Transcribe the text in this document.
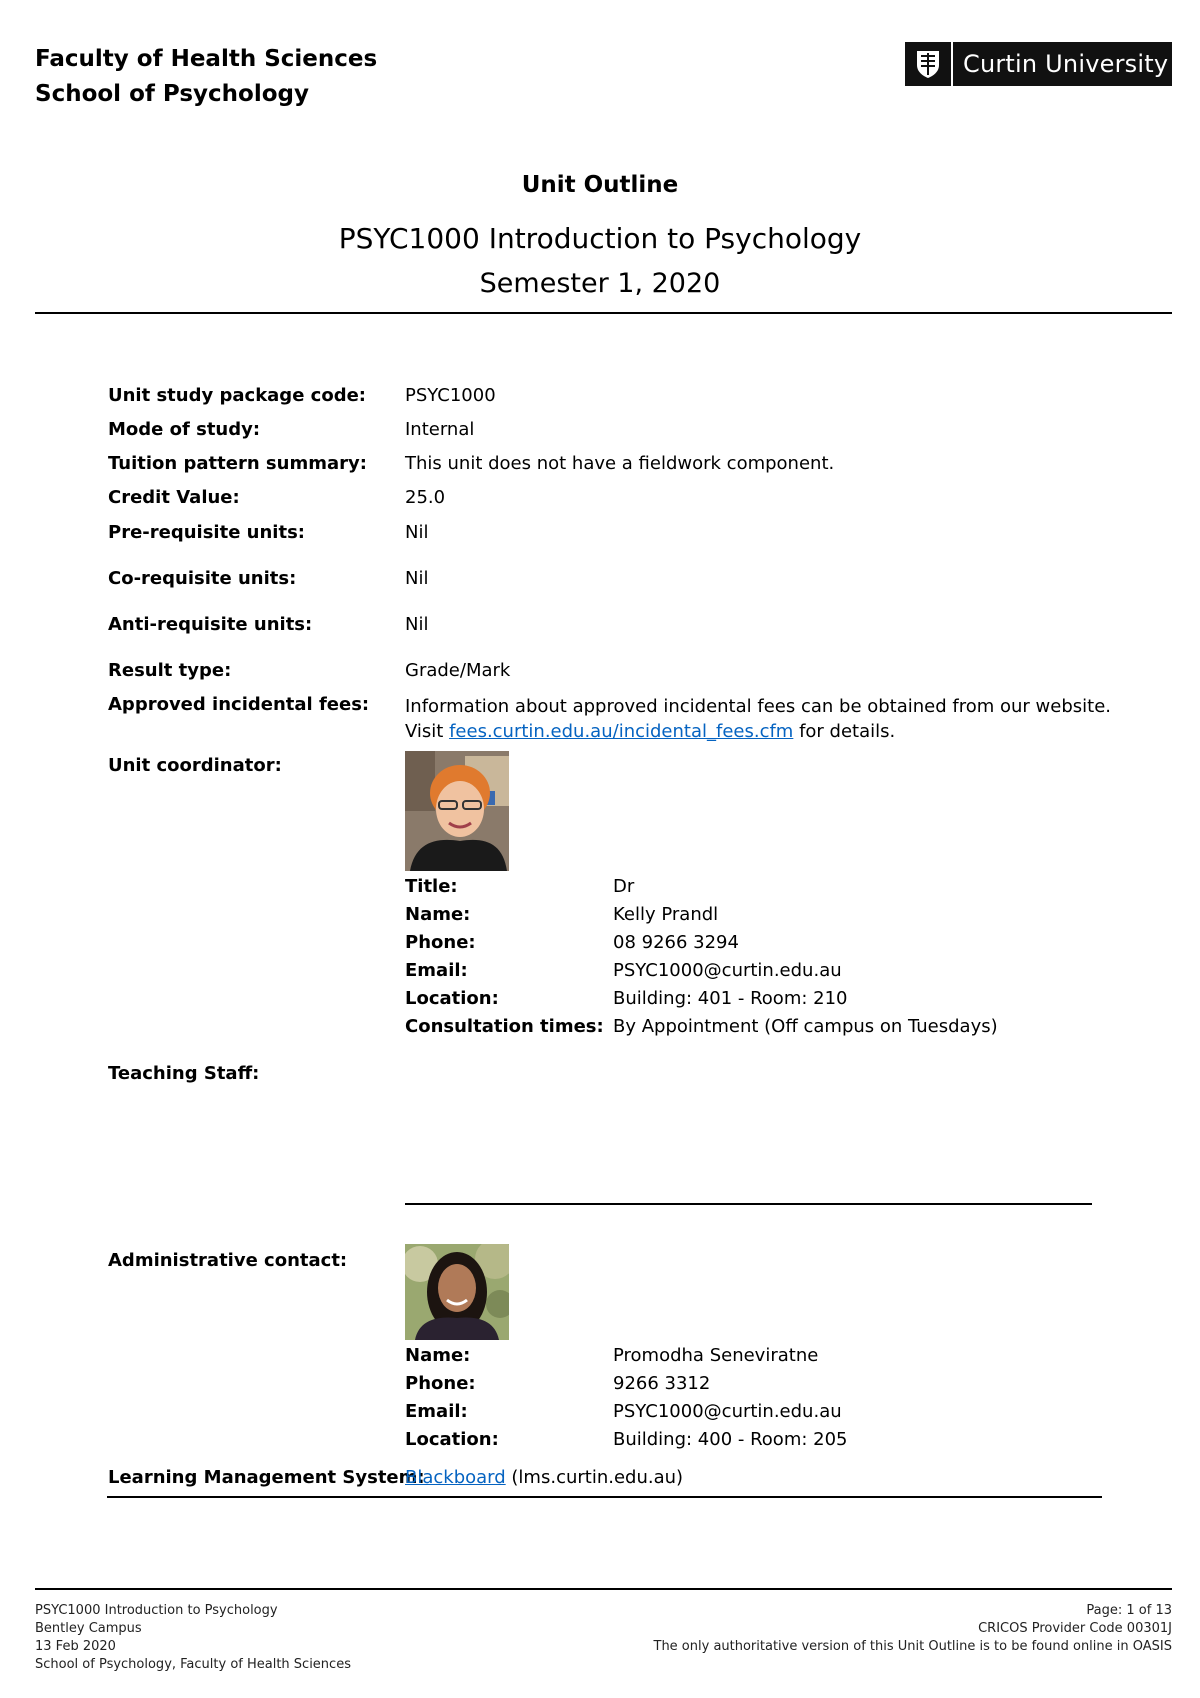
Faculty of Health Sciences
School of Psychology
Curtin University
Unit Outline
PSYC1000 Introduction to Psychology
Semester 1, 2020
Unit study package code: PSYC1000
Mode of study:	Internal
Tuition pattern summary: This unit does not have a fieldwork component.
Credit Value:	25.0
Pre-requisite units:	Nil
Co-requisite units:	Nil
Anti-requisite units:	Nil
Result type:	Grade/Mark
Approved incidental fees: Information about approved incidental fees can be obtained from our website.
Visit fees.curtin.edu.au/incidental_fees.cfm for details.
Unit coordinator:
Title:	Dr
Name:	Kelly Prandl
Phone:	08 9266 3294
Email:	PSYC1000@curtin.edu.au
Location:	Building: 401 - Room: 210
Consultation times: By Appointment (Off campus on Tuesdays)
Teaching Staff:
Administrative contact:
Name:	Promodha Seneviratne
Phone:	9266 3312
Email:	PSYC1000@curtin.edu.au
Location:	Building: 400 - Room: 205
Learning Management System:
Blackboard (lms.curtin.edu.au)
PSYC1000 Introduction to Psychology
Bentley Campus
13 Feb 2020
School of Psychology, Faculty of Health Sciences
Page: 1 of 13
CRICOS Provider Code 00301J
The only authoritative version of this Unit Outline is to be found online in OASIS
